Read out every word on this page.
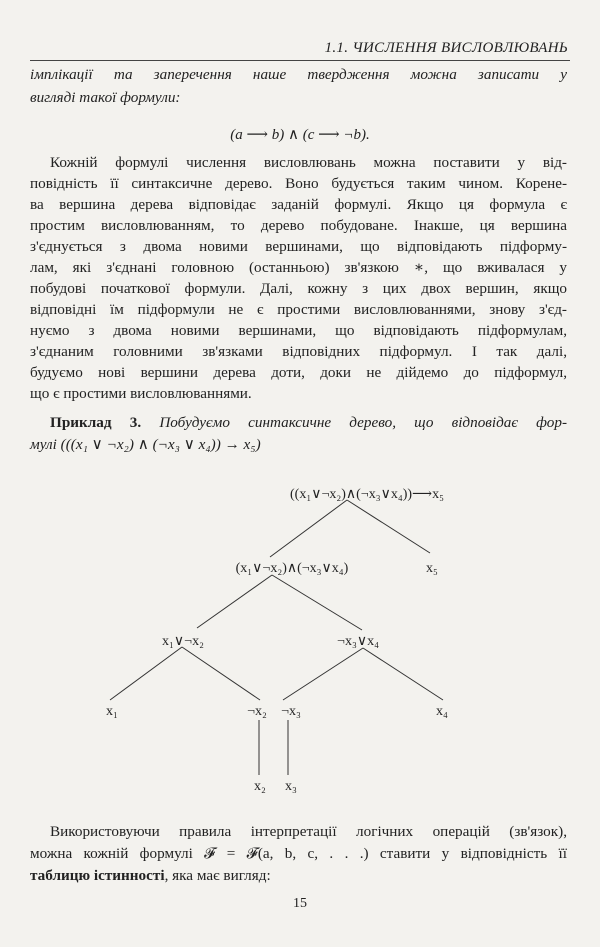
1.1. ЧИСЛЕННЯ ВИСЛОВЛЮВАНЬ
імплікації та заперечення наше твердження можна записати у
вигляді такої формули:
(a ⟶ b) ∧ (c ⟶ ¬b).
Кожній формулі числення висловлювань можна поставити у від-
повідність її синтаксичне дерево. Воно будується таким чином. Корене-
ва вершина дерева відповідає заданій формулі. Якщо ця формула є
простим висловлюванням, то дерево побудоване. Інакше, ця вершина
з'єднується з двома новими вершинами, що відповідають підформу-
лам, які з'єднані головною (останньою) зв'язкою ∗, що вживалася у
побудові початкової формули. Далі, кожну з цих двох вершин, якщо
відповідні їм підформули не є простими висловлюваннями, знову з'єд-
нуємо з двома новими вершинами, що відповідають підформулам,
з'єднаним головними зв'язками відповідних підформул. І так далі,
будуємо нові вершини дерева доти, доки не дійдемо до підформул,
що є простими висловлюваннями.
Приклад 3. Побудуємо синтаксичне дерево, що відповідає фор-
мулі (((x₁ ∨ ¬x₂) ∧ (¬x₃ ∨ x₄)) → x₅)
((x₁∨¬x₂)∧(¬x₃∨x₄))⟶x₅
(x₁∨¬x₂)∧(¬x₃∨x₄)	x₅
x₁∨¬x₂	¬x₃∨x₄
x₁	¬x₂ ¬x₃	x₄
x₂ x₃
Використовуючи правила інтерпретації логічних операцій (зв'язок),
можна кожній формулі 𝓕 = 𝓕(a, b, c, . . .) ставити у відповідність її
таблицю істинності, яка має вигляд:
15
